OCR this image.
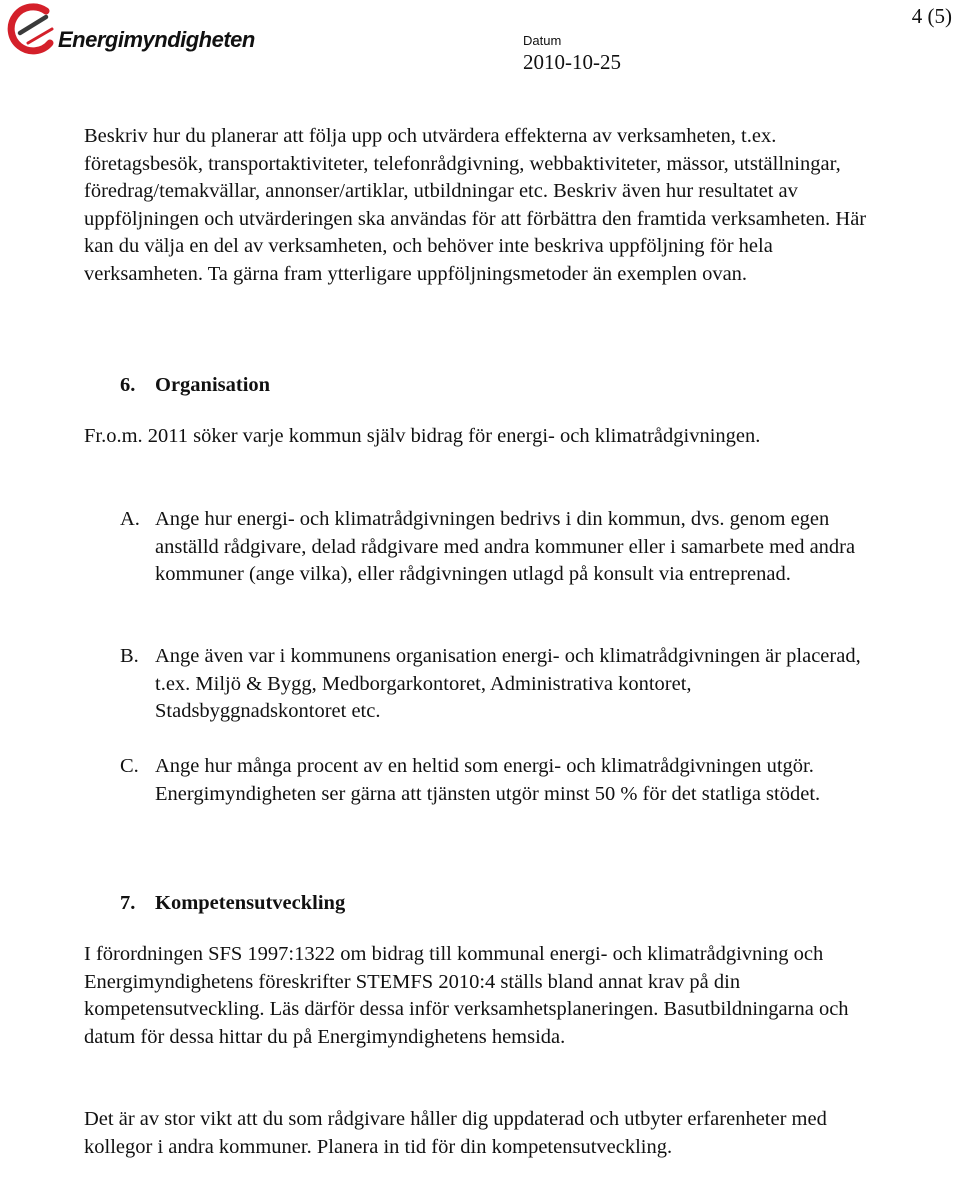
Energimyndigheten	Datum
2010-10-25
4 (5)

Beskriv hur du planerar att följa upp och utvärdera effekterna av verksamheten, t.ex. företagsbesök, transportaktiviteter, telefonrådgivning, webbaktiviteter, mässor, utställningar, föredrag/temakvällar, annonser/artiklar, utbildningar etc. Beskriv även hur resultatet av uppföljningen och utvärderingen ska användas för att förbättra den framtida verksamheten. Här kan du välja en del av verksamheten, och behöver inte beskriva uppföljning för hela verksamheten. Ta gärna fram ytterligare uppföljningsmetoder än exemplen ovan.

6. Organisation

Fr.o.m. 2011 söker varje kommun själv bidrag för energi- och klimatrådgivningen.

A. Ange hur energi- och klimatrådgivningen bedrivs i din kommun, dvs. genom egen anställd rådgivare, delad rådgivare med andra kommuner eller i samarbete med andra kommuner (ange vilka), eller rådgivningen utlagd på konsult via entreprenad.

B. Ange även var i kommunens organisation energi- och klimatrådgivningen är placerad, t.ex. Miljö & Bygg, Medborgarkontoret, Administrativa kontoret, Stadsbyggnadskontoret etc.

C. Ange hur många procent av en heltid som energi- och klimatrådgivningen utgör. Energimyndigheten ser gärna att tjänsten utgör minst 50 % för det statliga stödet.

7. Kompetensutveckling

I förordningen SFS 1997:1322 om bidrag till kommunal energi- och klimatrådgivning och Energimyndighetens föreskrifter STEMFS 2010:4 ställs bland annat krav på din kompetensutveckling. Läs därför dessa inför verksamhetsplaneringen. Basutbildningarna och datum för dessa hittar du på Energimyndighetens hemsida.

Det är av stor vikt att du som rådgivare håller dig uppdaterad och utbyter erfarenheter med kollegor i andra kommuner. Planera in tid för din kompetensutveckling.
